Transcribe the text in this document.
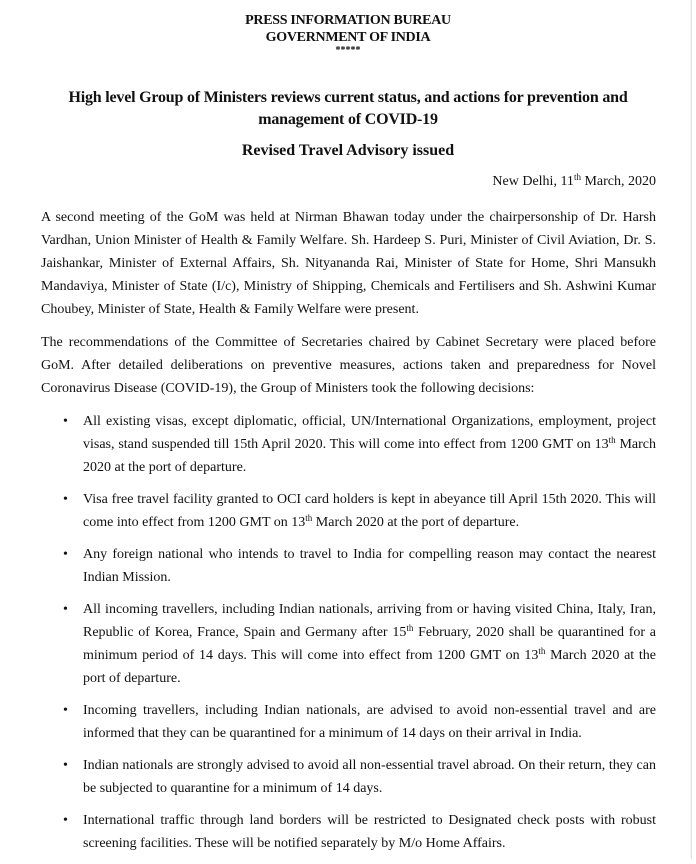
PRESS INFORMATION BUREAU
GOVERNMENT OF INDIA
*****
High level Group of Ministers reviews current status, and actions for prevention and management of COVID-19
Revised Travel Advisory issued
New Delhi, 11th March, 2020

A second meeting of the GoM was held at Nirman Bhawan today under the chairpersonship of Dr. Harsh Vardhan, Union Minister of Health & Family Welfare. Sh. Hardeep S. Puri, Minister of Civil Aviation, Dr. S. Jaishankar, Minister of External Affairs, Sh. Nityananda Rai, Minister of State for Home, Shri Mansukh Mandaviya, Minister of State (I/c), Ministry of Shipping, Chemicals and Fertilisers and Sh. Ashwini Kumar Choubey, Minister of State, Health & Family Welfare were present.

The recommendations of the Committee of Secretaries chaired by Cabinet Secretary were placed before GoM. After detailed deliberations on preventive measures, actions taken and preparedness for Novel Coronavirus Disease (COVID-19), the Group of Ministers took the following decisions:

• All existing visas, except diplomatic, official, UN/International Organizations, employment, project visas, stand suspended till 15th April 2020. This will come into effect from 1200 GMT on 13th March 2020 at the port of departure.
• Visa free travel facility granted to OCI card holders is kept in abeyance till April 15th 2020. This will come into effect from 1200 GMT on 13th March 2020 at the port of departure.
• Any foreign national who intends to travel to India for compelling reason may contact the nearest Indian Mission.
• All incoming travellers, including Indian nationals, arriving from or having visited China, Italy, Iran, Republic of Korea, France, Spain and Germany after 15th February, 2020 shall be quarantined for a minimum period of 14 days. This will come into effect from 1200 GMT on 13th March 2020 at the port of departure.
• Incoming travellers, including Indian nationals, are advised to avoid non-essential travel and are informed that they can be quarantined for a minimum of 14 days on their arrival in India.
• Indian nationals are strongly advised to avoid all non-essential travel abroad. On their return, they can be subjected to quarantine for a minimum of 14 days.
• International traffic through land borders will be restricted to Designated check posts with robust screening facilities. These will be notified separately by M/o Home Affairs.
